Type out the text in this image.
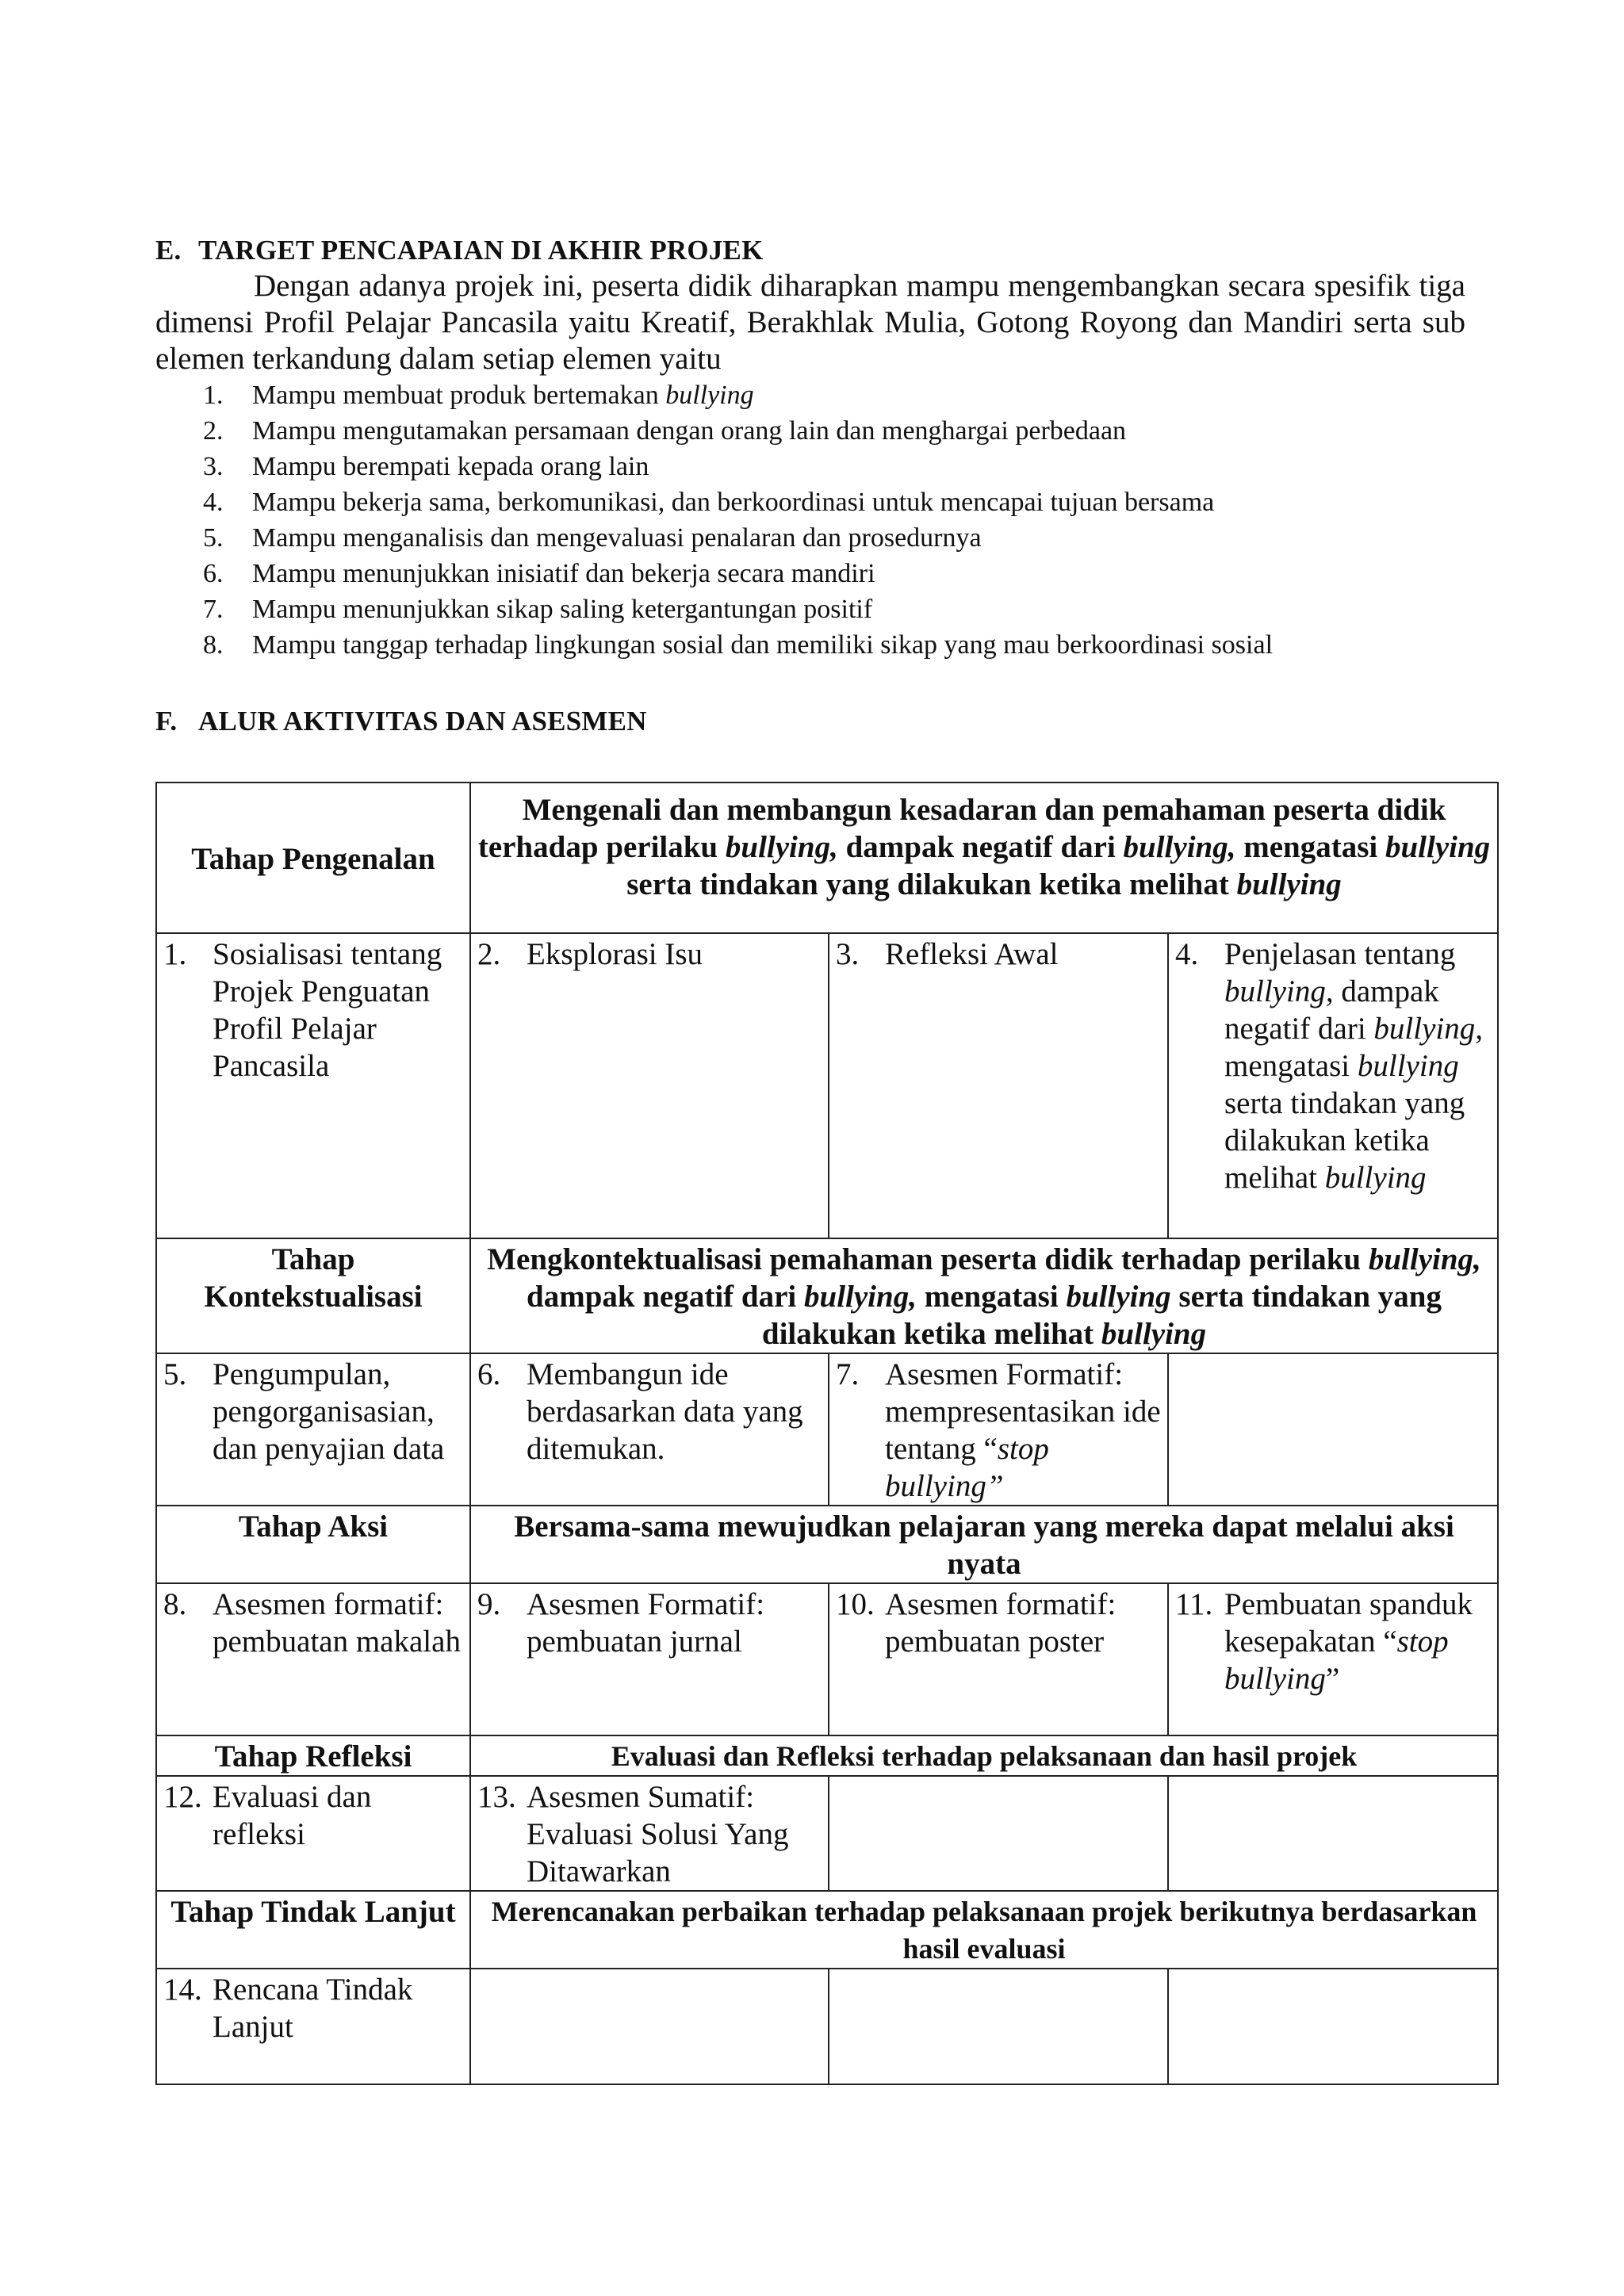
E. TARGET PENCAPAIAN DI AKHIR PROJEK
Dengan adanya projek ini, peserta didik diharapkan mampu mengembangkan secara spesifik tiga dimensi Profil Pelajar Pancasila yaitu Kreatif, Berakhlak Mulia, Gotong Royong dan Mandiri serta sub elemen terkandung dalam setiap elemen yaitu
1. Mampu membuat produk bertemakan bullying
2. Mampu mengutamakan persamaan dengan orang lain dan menghargai perbedaan
3. Mampu berempati kepada orang lain
4. Mampu bekerja sama, berkomunikasi, dan berkoordinasi untuk mencapai tujuan bersama
5. Mampu menganalisis dan mengevaluasi penalaran dan prosedurnya
6. Mampu menunjukkan inisiatif dan bekerja secara mandiri
7. Mampu menunjukkan sikap saling ketergantungan positif
8. Mampu tanggap terhadap lingkungan sosial dan memiliki sikap yang mau berkoordinasi sosial
F. ALUR AKTIVITAS DAN ASESMEN
Tahap Pengenalan	Mengenali dan membangun kesadaran dan pemahaman peserta didik terhadap perilaku bullying, dampak negatif dari bullying, mengatasi bullying serta tindakan yang dilakukan ketika melihat bullying		

1. Sosialisasi tentang Projek Penguatan Profil Pelajar Pancasila	2. Eksplorasi Isu	3. Refleksi Awal	4. Penjelasan tentang bullying, dampak negatif dari bullying, mengatasi bullying serta tindakan yang dilakukan ketika melihat bullying

Tahap Kontekstualisasi	Mengkontektualisasi pemahaman peserta didik terhadap perilaku bullying, dampak negatif dari bullying, mengatasi bullying serta tindakan yang dilakukan ketika melihat bullying		

5. Pengumpulan, pengorganisasian, dan penyajian data	6. Membangun ide berdasarkan data yang ditemukan.	7. Asesmen Formatif: mempresentasikan ide tentang “stop bullying”	

Tahap Aksi	Bersama-sama mewujudkan pelajaran yang mereka dapat melalui aksi nyata		

8. Asesmen formatif: pembuatan makalah	9. Asesmen Formatif: pembuatan jurnal	10. Asesmen formatif: pembuatan poster	11. Pembuatan spanduk kesepakatan “stop bullying”

Tahap Refleksi	Evaluasi dan Refleksi terhadap pelaksanaan dan hasil projek		

12. Evaluasi dan refleksi	13. Asesmen Sumatif: Evaluasi Solusi Yang Ditawarkan		

Tahap Tindak Lanjut	Merencanakan perbaikan terhadap pelaksanaan projek berikutnya berdasarkan hasil evaluasi		

14. Rencana Tindak Lanjut			
